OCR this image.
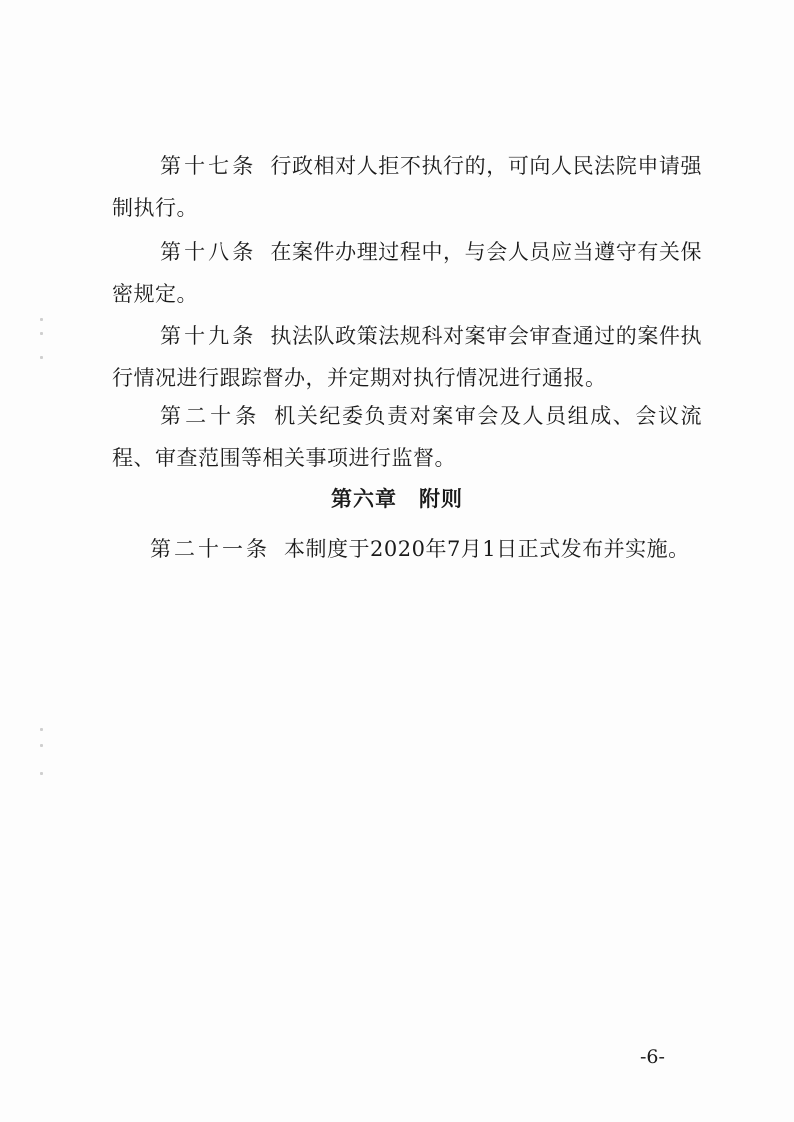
第十七条 行政相对人拒不执行的，可向人民法院申请强制执行。

第十八条 在案件办理过程中，与会人员应当遵守有关保密规定。

第十九条 执法队政策法规科对案审会审查通过的案件执行情况进行跟踪督办，并定期对执行情况进行通报。

第二十条 机关纪委负责对案审会及人员组成、会议流程、审查范围等相关事项进行监督。

第六章 附则

第二十一条 本制度于2020年7月1日正式发布并实施。

-6-
